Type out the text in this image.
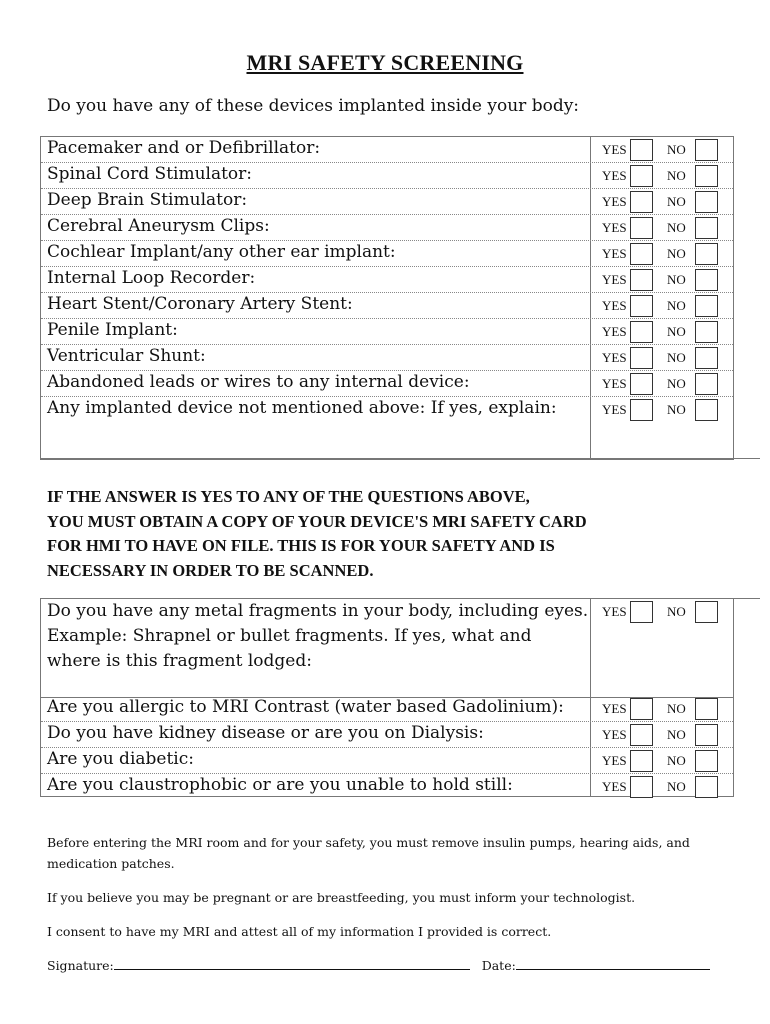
MRI SAFETY SCREENING
Do you have any of these devices implanted inside your body:
Pacemaker and or Defibrillator:	YES	NO
Spinal Cord Stimulator:	YES	NO
Deep Brain Stimulator:	YES	NO
Cerebral Aneurysm Clips:	YES	NO
Cochlear Implant/any other ear implant:	YES	NO
Internal Loop Recorder:	YES	NO
Heart Stent/Coronary Artery Stent:	YES	NO
Penile Implant:	YES	NO
Ventricular Shunt:	YES	NO
Abandoned leads or wires to any internal device:	YES	NO
Any implanted device not mentioned above: If yes, explain:	YES	NO
IF THE ANSWER IS YES TO ANY OF THE QUESTIONS ABOVE,
YOU MUST OBTAIN A COPY OF YOUR DEVICE'S MRI SAFETY CARD
FOR HMI TO HAVE ON FILE. THIS IS FOR YOUR SAFETY AND IS
NECESSARY IN ORDER TO BE SCANNED.
Do you have any metal fragments in your body, including eyes.
Example: Shrapnel or bullet fragments. If yes, what and
where is this fragment lodged:
YES	NO
Are you allergic to MRI Contrast (water based Gadolinium):	YES	NO
Do you have kidney disease or are you on Dialysis:	YES	NO
Are you diabetic:	YES	NO
Are you claustrophobic or are you unable to hold still:	YES	NO
Before entering the MRI room and for your safety, you must remove insulin pumps, hearing aids, and
medication patches.
If you believe you may be pregnant or are breastfeeding, you must inform your technologist.
I consent to have my MRI and attest all of my information I provided is correct.
Signature:	Date:
